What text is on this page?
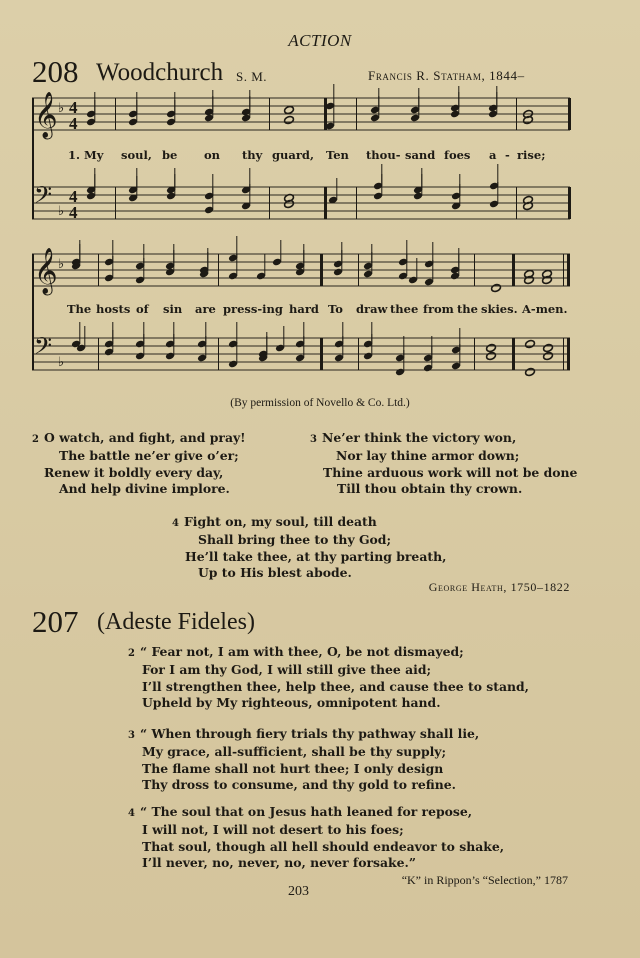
ACTION
208 Woodchurch S. M.	Francis R. Statham, 1844–
𝄞 ♭ 4
4
𝄢 ♭
4
4
𝄞 ♭
𝄢 ♭
1. My soul, be on thy guard, Ten thou- sand foes a - rise;
The hosts of sin are press-ing hard To draw thee from the skies. A-men.
(By permission of Novello & Co. Ltd.)
2 O watch, and fight, and pray!
The battle ne’er give o’er;
Renew it boldly every day,
And help divine implore.
3 Ne’er think the victory won,
Nor lay thine armor down;
Thine arduous work will not be done
Till thou obtain thy crown.
4 Fight on, my soul, till death
Shall bring thee to thy God;
He’ll take thee, at thy parting breath,
Up to His blest abode.
George Heath, 1750–1822
207 (Adeste Fideles)
2 “ Fear not, I am with thee, O, be not dismayed;
For I am thy God, I will still give thee aid;
I’ll strengthen thee, help thee, and cause thee to stand,
Upheld by My righteous, omnipotent hand.
3 “ When through fiery trials thy pathway shall lie,
My grace, all-sufficient, shall be thy supply;
The flame shall not hurt thee; I only design
Thy dross to consume, and thy gold to refine.
4 “ The soul that on Jesus hath leaned for repose,
I will not, I will not desert to his foes;
That soul, though all hell should endeavor to shake,
I’ll never, no, never, no, never forsake.”
“K” in Rippon’s “Selection,” 1787
203
